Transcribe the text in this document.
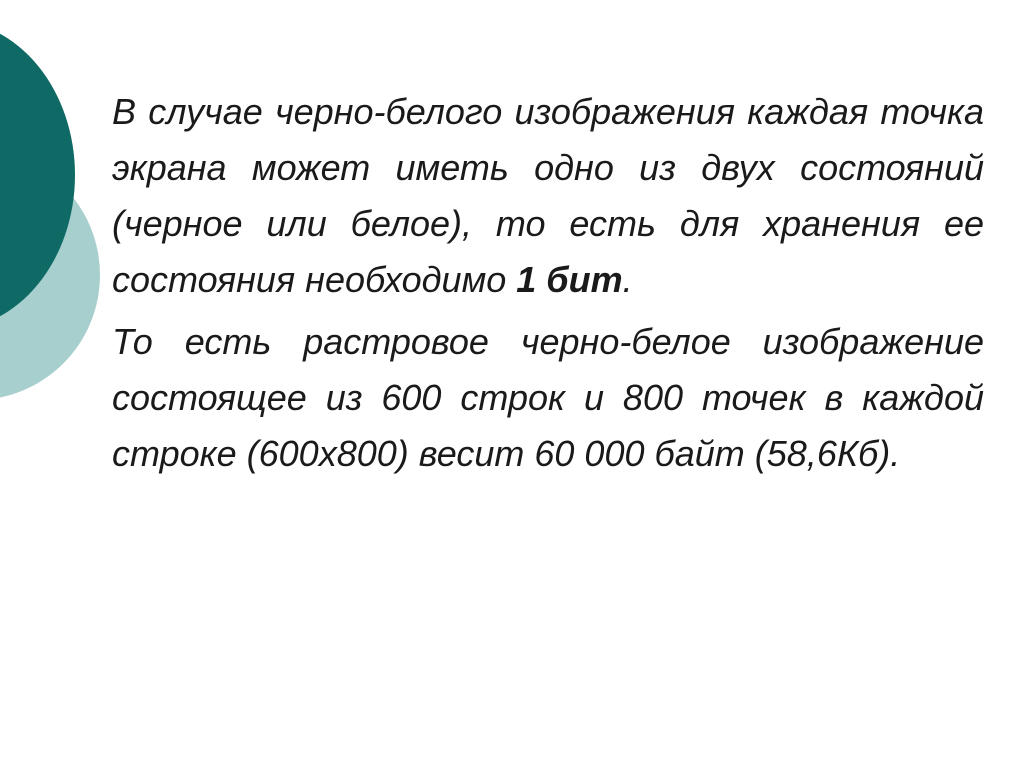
В случае черно-белого изображения каждая точка экрана может иметь одно из двух состояний (черное или белое), то есть для хранения ее состояния необходимо 1 бит.

То есть растровое черно-белое изображение состоящее из 600 строк и 800 точек в каждой строке (600x800) весит 60 000 байт (58,6Кб).
